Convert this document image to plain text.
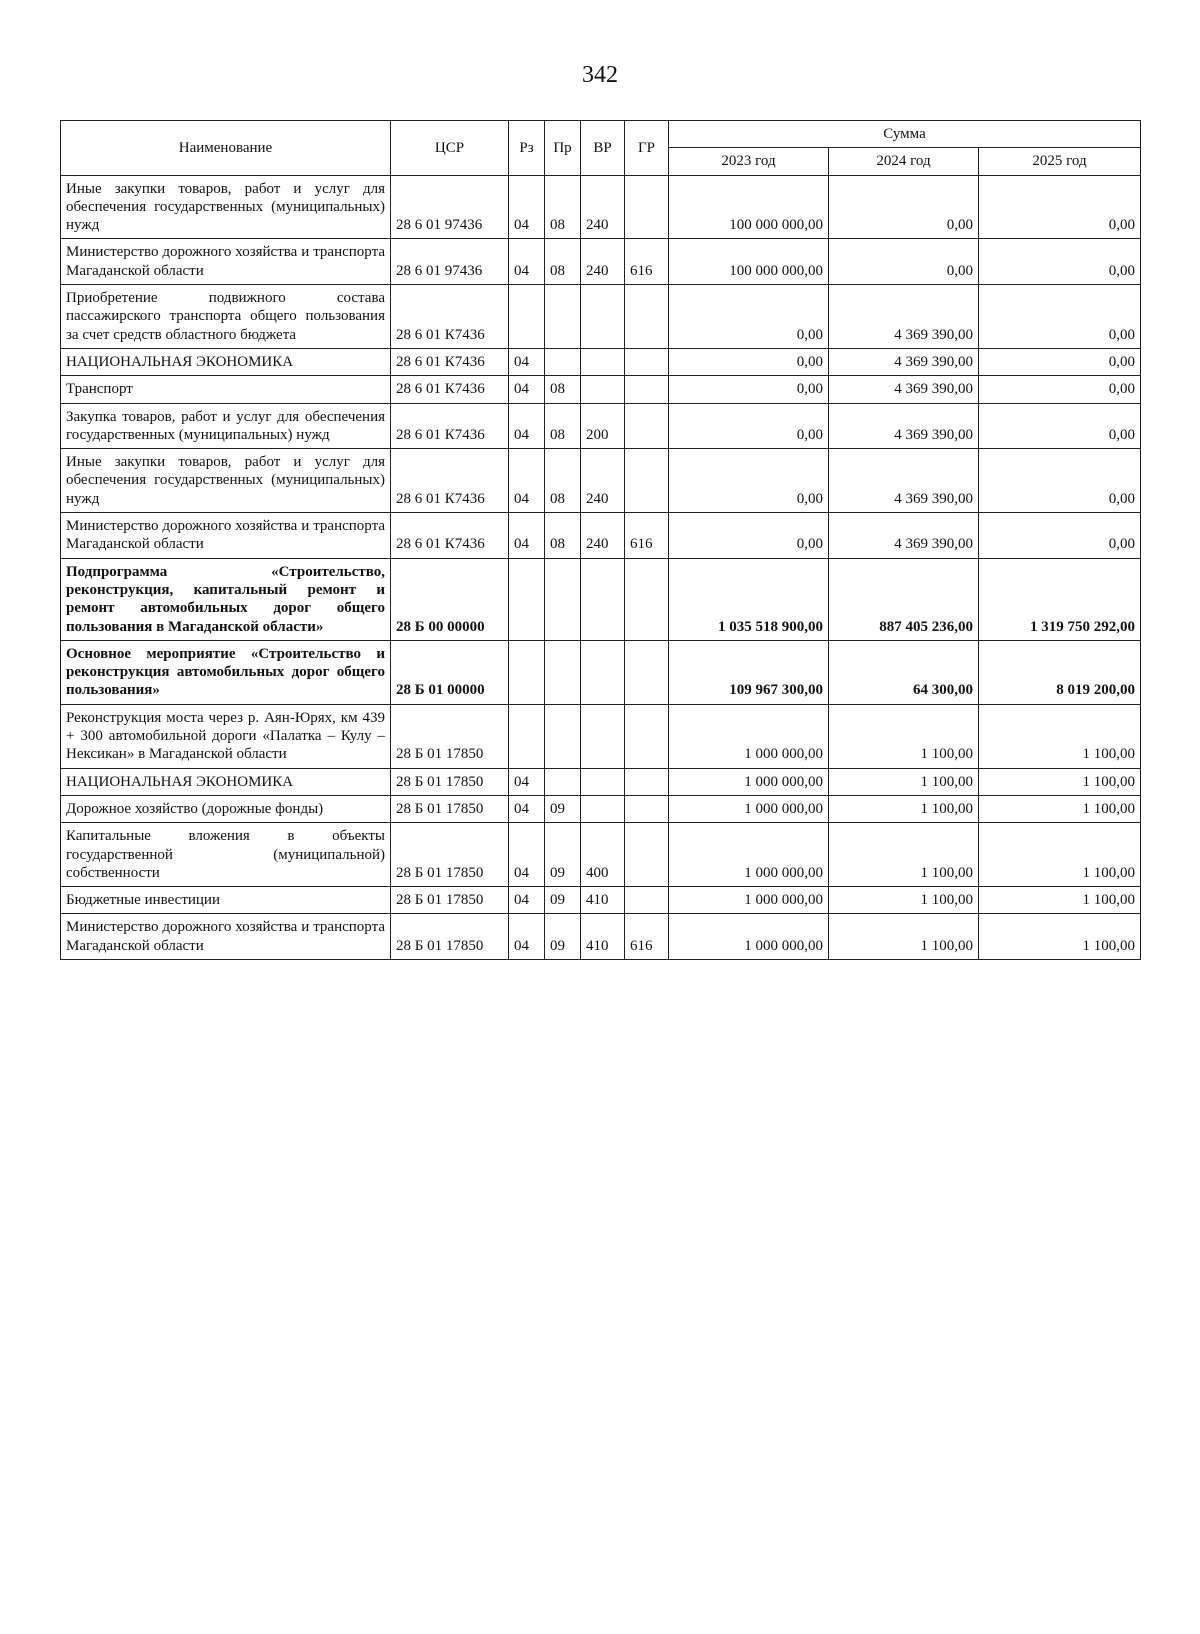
342
Наименование	ЦСР	Рз	Пр	ВР	ГР	Сумма		
						2023 год	2024 год	2025 год
Иные закупки товаров, работ и услуг для обеспечения государственных (муниципальных) нужд	28 6 01 97436	04	08	240		100 000 000,00	0,00	0,00
Министерство дорожного хозяйства и транспорта Магаданской области	28 6 01 97436	04	08	240	616	100 000 000,00	0,00	0,00
Приобретение подвижного состава пассажирского транспорта общего пользования за счет средств областного бюджета	28 6 01 К7436					0,00	4 369 390,00	0,00
НАЦИОНАЛЬНАЯ ЭКОНОМИКА	28 6 01 К7436	04				0,00	4 369 390,00	0,00
Транспорт	28 6 01 К7436	04	08			0,00	4 369 390,00	0,00
Закупка товаров, работ и услуг для обеспечения государственных (муниципальных) нужд	28 6 01 К7436	04	08	200		0,00	4 369 390,00	0,00
Иные закупки товаров, работ и услуг для обеспечения государственных (муниципальных) нужд	28 6 01 К7436	04	08	240		0,00	4 369 390,00	0,00
Министерство дорожного хозяйства и транспорта Магаданской области	28 6 01 К7436	04	08	240	616	0,00	4 369 390,00	0,00
Подпрограмма «Строительство, реконструкция, капитальный ремонт и ремонт автомобильных дорог общего пользования в Магаданской области»	28 Б 00 00000					1 035 518 900,00	887 405 236,00	1 319 750 292,00
Основное мероприятие «Строительство и реконструкция автомобильных дорог общего пользования»	28 Б 01 00000					109 967 300,00	64 300,00	8 019 200,00
Реконструкция моста через р. Аян-Юрях, км 439 + 300 автомобильной дороги «Палатка – Кулу – Нексикан» в Магаданской области	28 Б 01 17850					1 000 000,00	1 100,00	1 100,00
НАЦИОНАЛЬНАЯ ЭКОНОМИКА	28 Б 01 17850	04				1 000 000,00	1 100,00	1 100,00
Дорожное хозяйство (дорожные фонды)	28 Б 01 17850	04	09			1 000 000,00	1 100,00	1 100,00
Капитальные вложения в объекты государственной (муниципальной) собственности	28 Б 01 17850	04	09	400		1 000 000,00	1 100,00	1 100,00
Бюджетные инвестиции	28 Б 01 17850	04	09	410		1 000 000,00	1 100,00	1 100,00
Министерство дорожного хозяйства и транспорта Магаданской области	28 Б 01 17850	04	09	410	616	1 000 000,00	1 100,00	1 100,00
